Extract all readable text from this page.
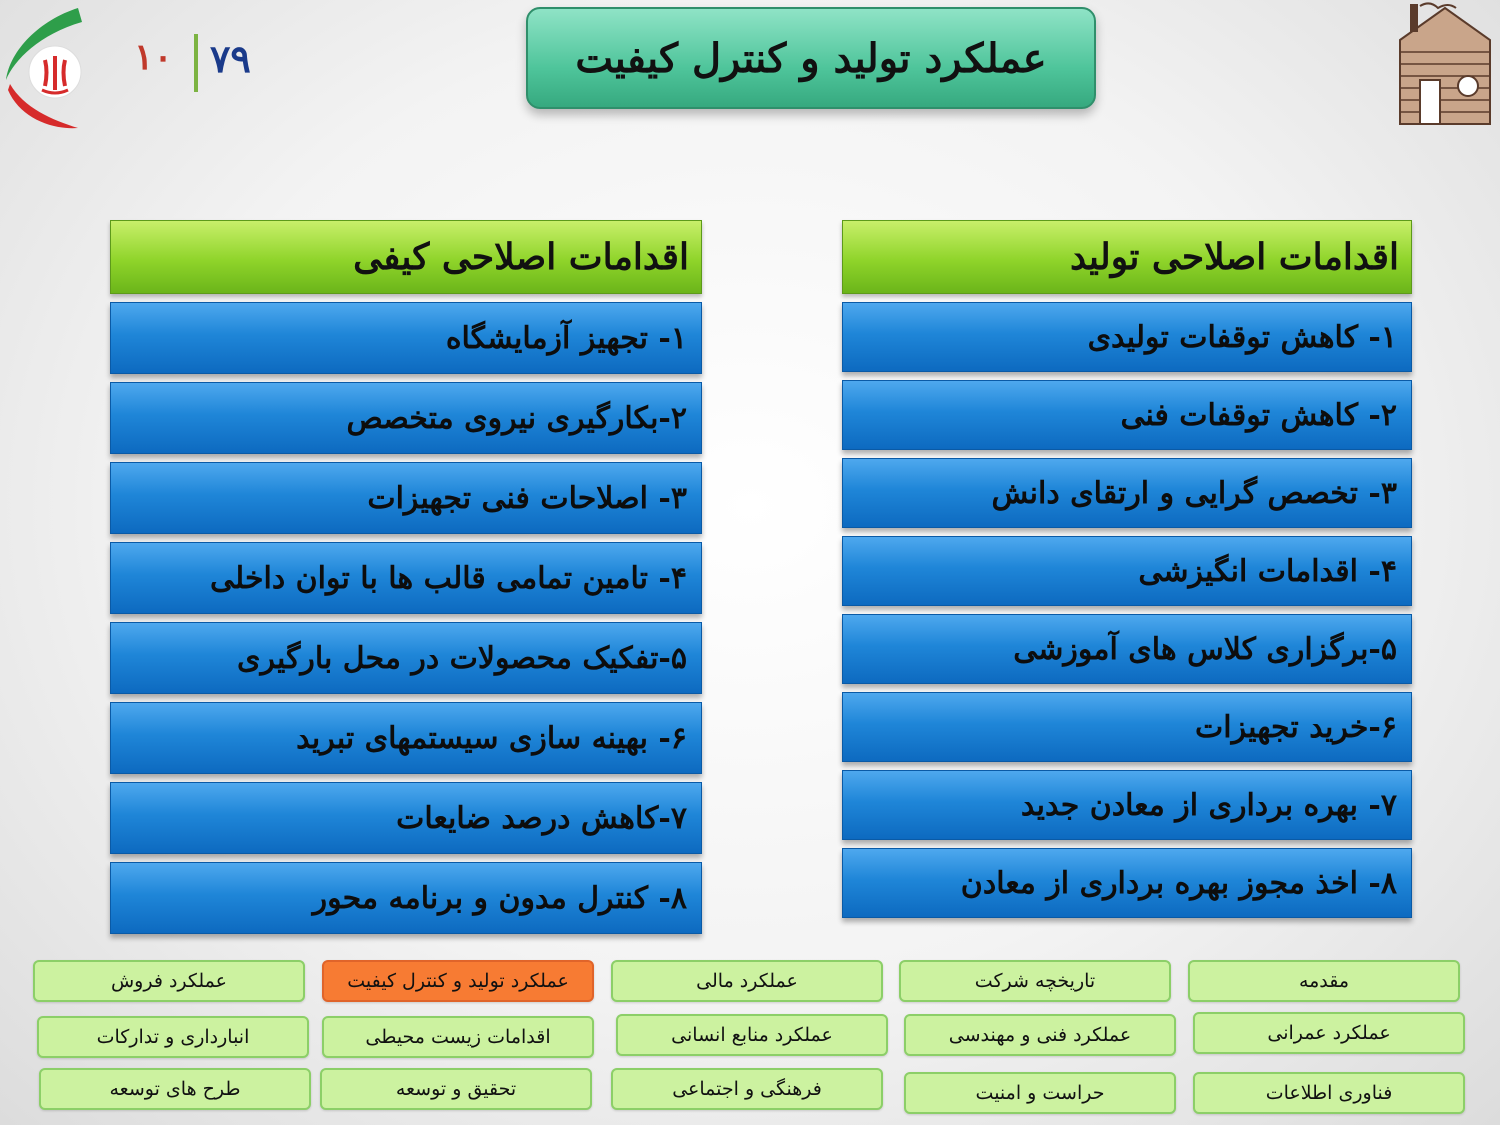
۱۰ ۷۹	عملکرد تولید و کنترل کیفیت
اقدامات اصلاحی کیفی
۱- تجهیز آزمایشگاه
۲-بکارگیری نیروی متخصص
۳- اصلاحات فنی تجهیزات
۴- تامین تمامی قالب ها با توان داخلی
۵-تفکیک محصولات در محل بارگیری
۶- بهینه سازی سیستمهای تبرید
۷-کاهش درصد ضایعات
۸- کنترل مدون و برنامه محور
اقدامات اصلاحی تولید
۱- کاهش توقفات تولیدی
۲- کاهش توقفات فنی
۳- تخصص گرایی و ارتقای دانش
۴- اقدامات انگیزشی
۵-برگزاری کلاس های آموزشی
۶-خرید تجهیزات
۷- بهره برداری از معادن جدید
۸- اخذ مجوز بهره برداری از معادن
مقدمه
تاریخچه شرکت
عملکرد مالی
عملکرد تولید و کنترل کیفیت
عملکرد فروش
عملکرد عمرانی
عملکرد فنی و مهندسی
عملکرد منابع انسانی
اقدامات زیست محیطی
انبارداری و تدارکات
فناوری اطلاعات
حراست و امنیت
فرهنگی و اجتماعی
تحقیق و توسعه
طرح های توسعه
